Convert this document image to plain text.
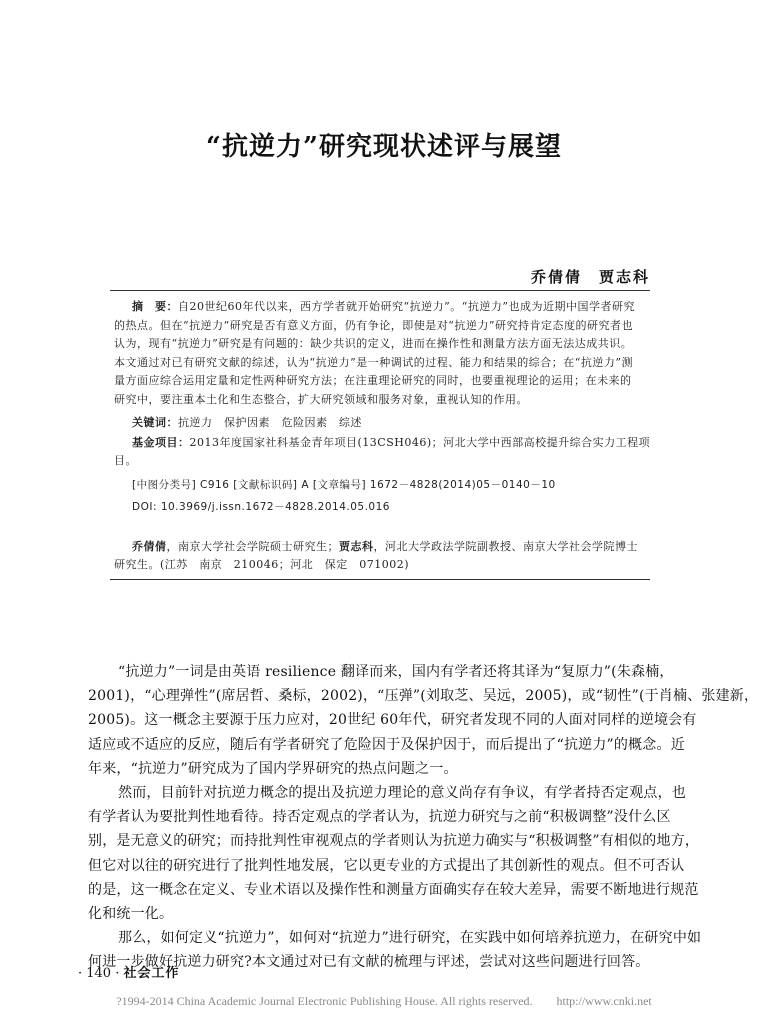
“抗逆力”研究现状述评与展望
乔倩倩　贾志科
摘　要：自20世纪60年代以来，西方学者就开始研究“抗逆力”。“抗逆力”也成为近期中国学者研究
的热点。但在“抗逆力”研究是否有意义方面，仍有争论，即使是对“抗逆力”研究持肯定态度的研究者也
认为，现有“抗逆力”研究是有问题的：缺少共识的定义，进而在操作性和测量方法方面无法达成共识。
本文通过对已有研究文献的综述，认为“抗逆力”是一种调试的过程、能力和结果的综合；在“抗逆力”测
量方面应综合运用定量和定性两种研究方法；在注重理论研究的同时，也要重视理论的运用；在未来的
研究中，要注重本土化和生态整合，扩大研究领域和服务对象，重视认知的作用。
关键词：抗逆力　保护因素　危险因素　综述
基金项目：2013年度国家社科基金青年项目(13CSH046)；河北大学中西部高校提升综合实力工程项
目。
[中图分类号] C916 [文献标识码] A [文章编号] 1672－4828(2014)05－0140－10
DOI: 10.3969/j.issn.1672－4828.2014.05.016
乔倩倩，南京大学社会学院硕士研究生；贾志科，河北大学政法学院副教授、南京大学社会学院博士
研究生。(江苏　南京　210046；河北　保定　071002)
“抗逆力”一词是由英语 resilience 翻译而来，国内有学者还将其译为“复原力”(朱森楠，
2001)，“心理弹性”(席居哲、桑标，2002)，“压弹”(刘取芝、吴远，2005)，或“韧性”(于肖楠、张建新，
2005)。这一概念主要源于压力应对，20世纪 60年代，研究者发现不同的人面对同样的逆境会有
适应或不适应的反应，随后有学者研究了危险因于及保护因于，而后提出了“抗逆力”的概念。近
年来，“抗逆力”研究成为了国内学界研究的热点问题之一。
然而，目前针对抗逆力概念的提出及抗逆力理论的意义尚存有争议，有学者持否定观点，也
有学者认为要批判性地看待。持否定观点的学者认为，抗逆力研究与之前“积极调整”没什么区
别，是无意义的研究；而持批判性审视观点的学者则认为抗逆力确实与“积极调整”有相似的地方，
但它对以往的研究进行了批判性地发展，它以更专业的方式提出了其创新性的观点。但不可否认
的是，这一概念在定义、专业术语以及操作性和测量方面确实存在较大差异，需要不断地进行规范
化和统一化。
那么，如何定义“抗逆力”，如何对“抗逆力”进行研究，在实践中如何培养抗逆力，在研究中如
何进一步做好抗逆力研究?本文通过对已有文献的梳理与评述，尝试对这些问题进行回答。
· 140 · 社会工作
?1994-2014 China Academic Journal Electronic Publishing House. All rights reserved.　　http://www.cnki.net
